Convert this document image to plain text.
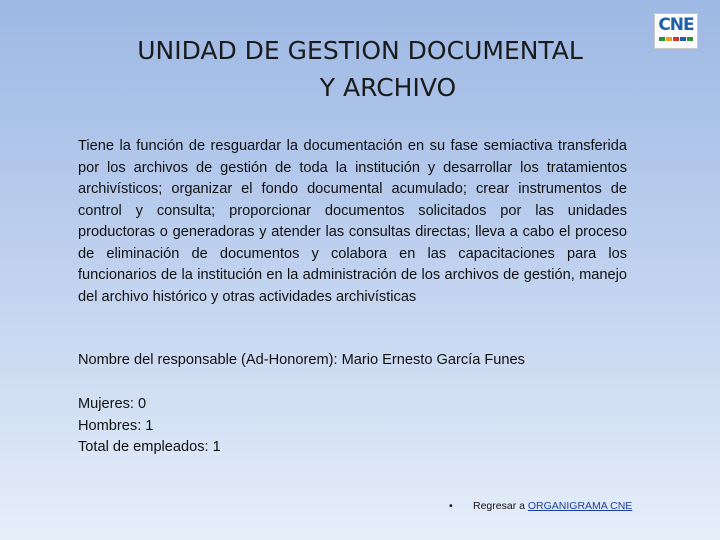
UNIDAD DE GESTION DOCUMENTAL
Y ARCHIVO
CNE
Tiene la función de resguardar la documentación en su fase semiactiva transferida por los archivos de gestión de toda la institución y desarrollar los tratamientos archivísticos; organizar el fondo documental acumulado; crear instrumentos de control y consulta; proporcionar documentos solicitados por las unidades productoras o generadoras y atender las consultas directas; lleva a cabo el proceso de eliminación de documentos y colabora en las capacitaciones para los funcionarios de la institución en la administración de los archivos de gestión, manejo del archivo histórico y otras actividades archivísticas
Nombre del responsable (Ad-Honorem): Mario Ernesto García Funes
Mujeres: 0
Hombres: 1
Total de empleados: 1
• Regresar a ORGANIGRAMA CNE
